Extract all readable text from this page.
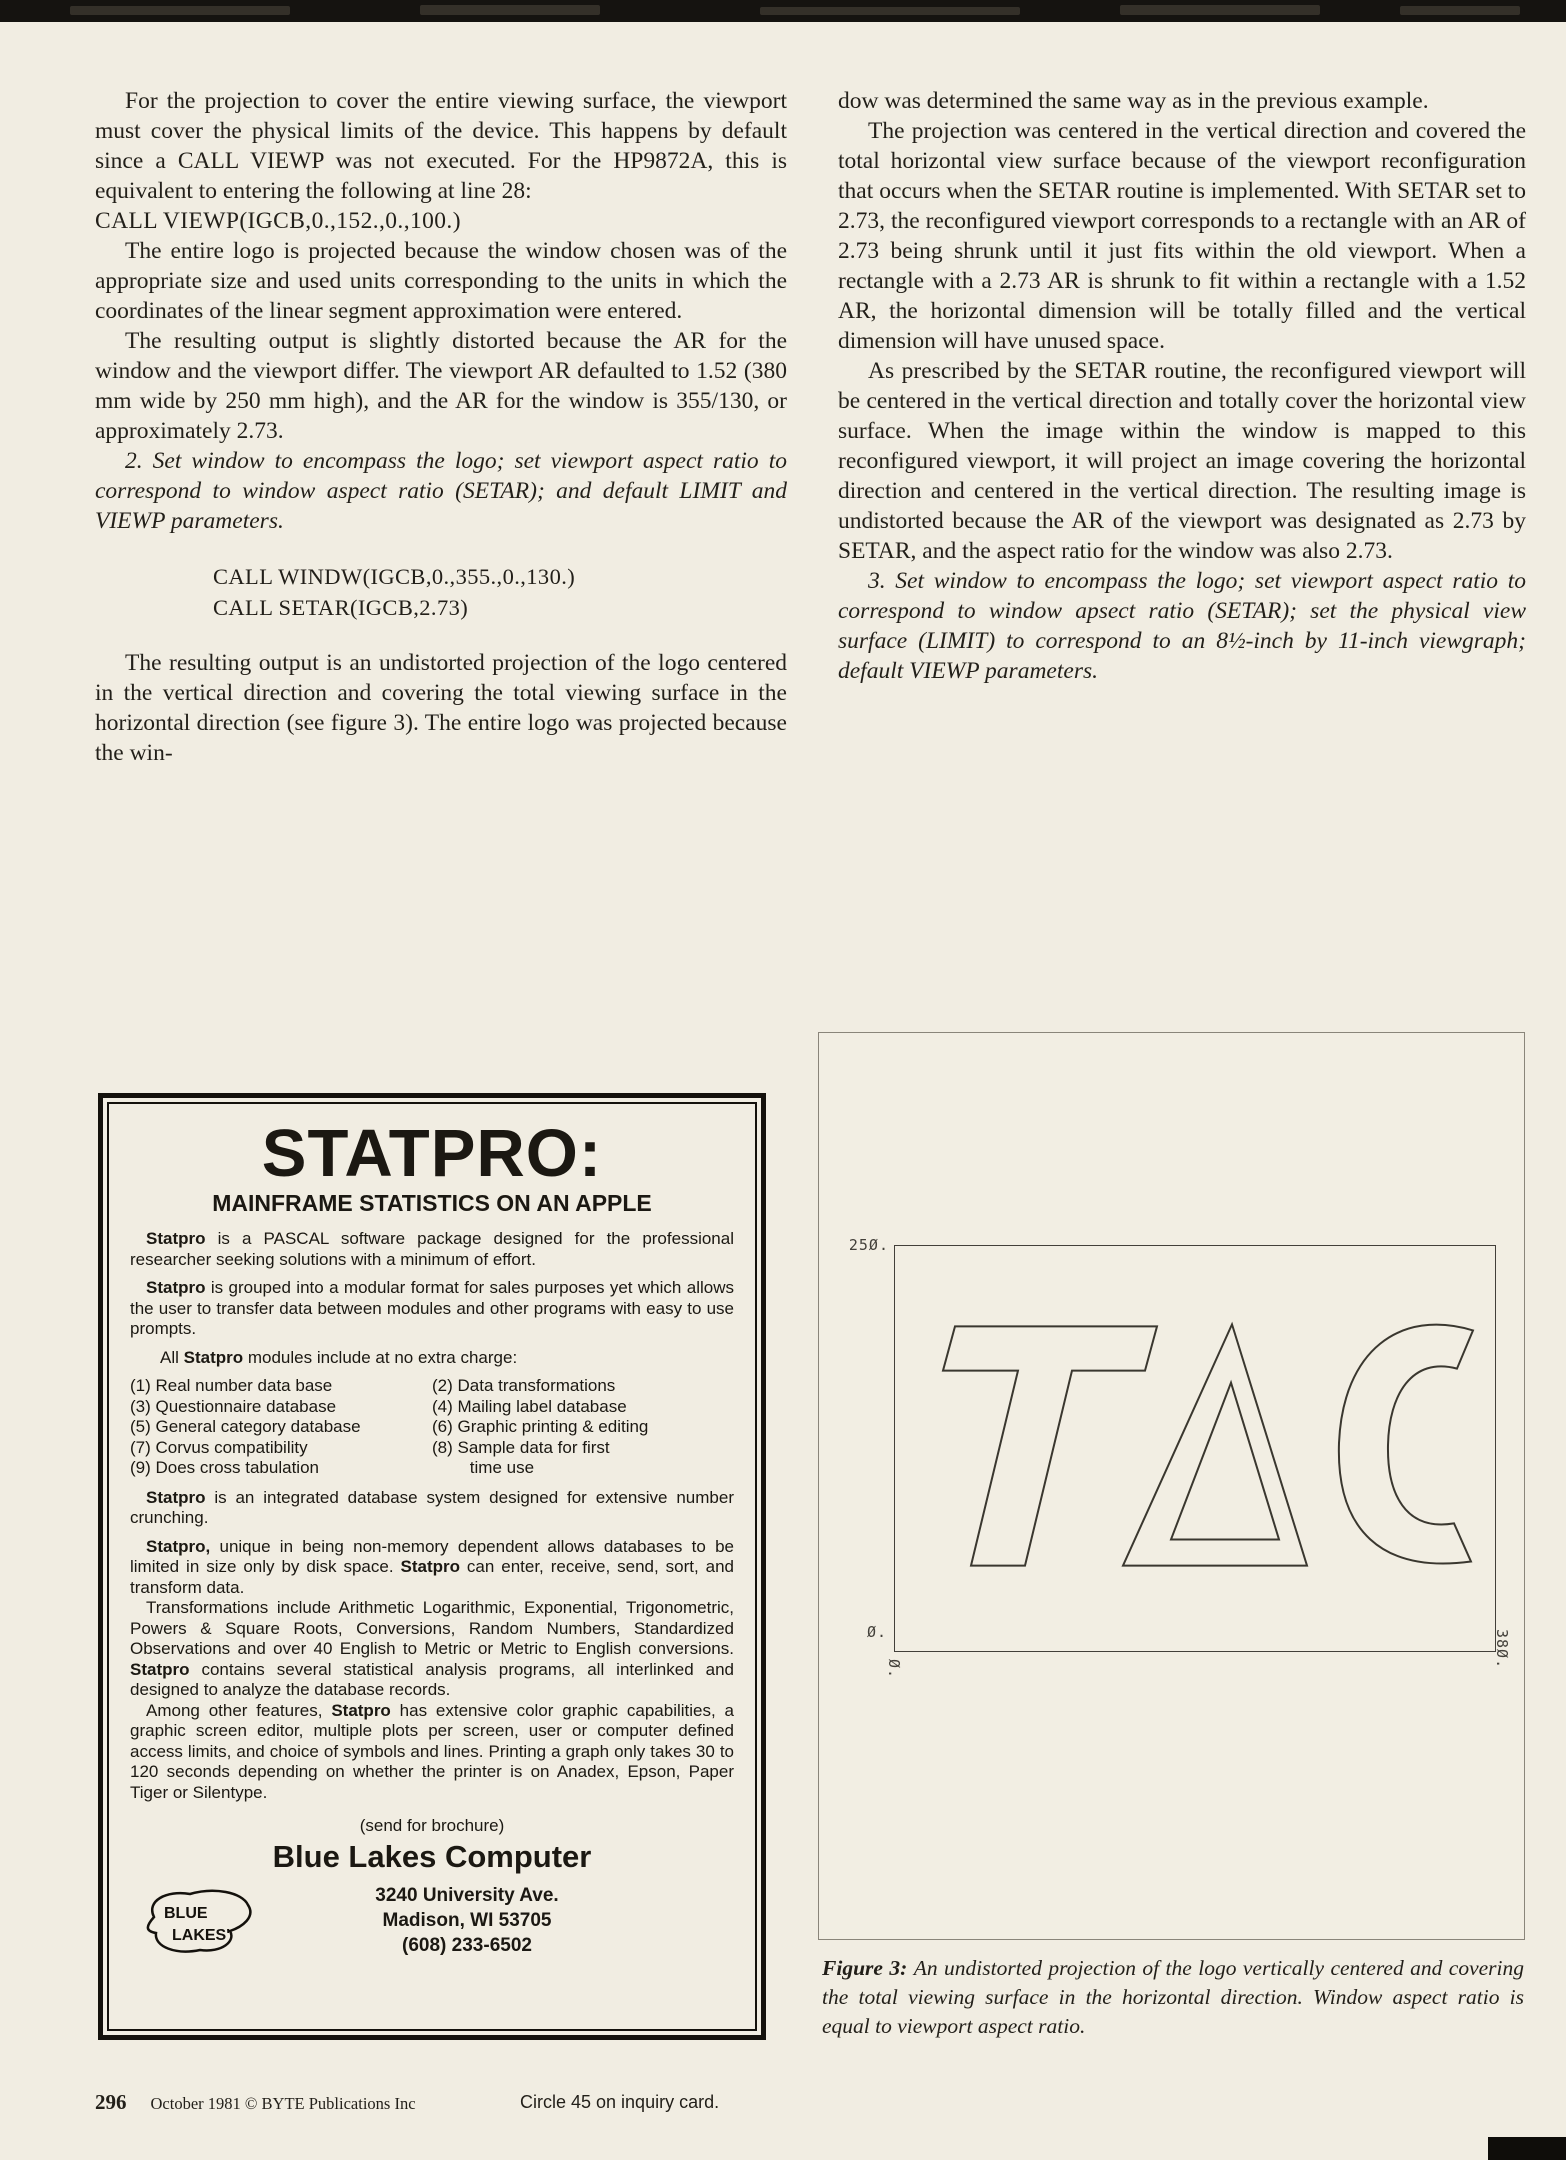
For the projection to cover the entire viewing surface, the viewport must cover the physical limits of the device. This happens by default since a CALL VIEWP was not executed. For the HP9872A, this is equivalent to entering the following at line 28:

CALL VIEWP(IGCB,0.,152.,0.,100.)

The entire logo is projected because the window chosen was of the appropriate size and used units corresponding to the units in which the coordinates of the linear segment approximation were entered.

The resulting output is slightly distorted because the AR for the window and the viewport differ. The viewport AR defaulted to 1.52 (380 mm wide by 250 mm high), and the AR for the window is 355/130, or approximately 2.73.

2. Set window to encompass the logo; set viewport aspect ratio to correspond to window aspect ratio (SETAR); and default LIMIT and VIEWP parameters.

CALL WINDW(IGCB,0.,355.,0.,130.)
CALL SETAR(IGCB,2.73)

The resulting output is an undistorted projection of the logo centered in the vertical direction and covering the total viewing surface in the horizontal direction (see figure 3). The entire logo was projected because the win-

dow was determined the same way as in the previous example.

The projection was centered in the vertical direction and covered the total horizontal view surface because of the viewport reconfiguration that occurs when the SETAR routine is implemented. With SETAR set to 2.73, the reconfigured viewport corresponds to a rectangle with an AR of 2.73 being shrunk until it just fits within the old viewport. When a rectangle with a 2.73 AR is shrunk to fit within a rectangle with a 1.52 AR, the horizontal dimension will be totally filled and the vertical dimension will have unused space.

As prescribed by the SETAR routine, the reconfigured viewport will be centered in the vertical direction and totally cover the horizontal view surface. When the image within the window is mapped to this reconfigured viewport, it will project an image covering the horizontal direction and centered in the vertical direction. The resulting image is undistorted because the AR of the viewport was designated as 2.73 by SETAR, and the aspect ratio for the window was also 2.73.

3. Set window to encompass the logo; set viewport aspect ratio to correspond to window apsect ratio (SETAR); set the physical view surface (LIMIT) to correspond to an 8½-inch by 11-inch viewgraph; default VIEWP parameters.

STATPRO:
MAINFRAME STATISTICS ON AN APPLE

Statpro is a PASCAL software package designed for the professional researcher seeking solutions with a minimum of effort.

Statpro is grouped into a modular format for sales purposes yet which allows the user to transfer data between modules and other programs with easy to use prompts.

All Statpro modules include at no extra charge:

(1) Real number data base
(3) Questionnaire database
(5) General category database
(7) Corvus compatibility
(9) Does cross tabulation
(2) Data transformations
(4) Mailing label database
(6) Graphic printing & editing
(8) Sample data for first
time use

Statpro is an integrated database system designed for extensive number crunching.

Statpro, unique in being non-memory dependent allows databases to be limited in size only by disk space. Statpro can enter, receive, send, sort, and transform data.

Transformations include Arithmetic Logarithmic, Exponential, Trigonometric, Powers & Square Roots, Conversions, Random Numbers, Standardized Observations and over 40 English to Metric or Metric to English conversions. Statpro contains several statistical analysis programs, all interlinked and designed to analyze the database records.

Among other features, Statpro has extensive color graphic capabilities, a graphic screen editor, multiple plots per screen, user or computer defined access limits, and choice of symbols and lines. Printing a graph only takes 30 to 120 seconds depending on whether the printer is on Anadex, Epson, Paper Tiger or Silentype.

(send for brochure)
Blue Lakes Computer
BLUE
LAKES'
3240 University Ave.
Madison, WI 53705
(608) 233-6502
25Ø.
Ø.
Ø.	38Ø.

Figure 3: An undistorted projection of the logo vertically centered and covering the total viewing surface in the horizontal direction. Window aspect ratio is equal to viewport aspect ratio.

296 October 1981 © BYTE Publications Inc	Circle 45 on inquiry card.
